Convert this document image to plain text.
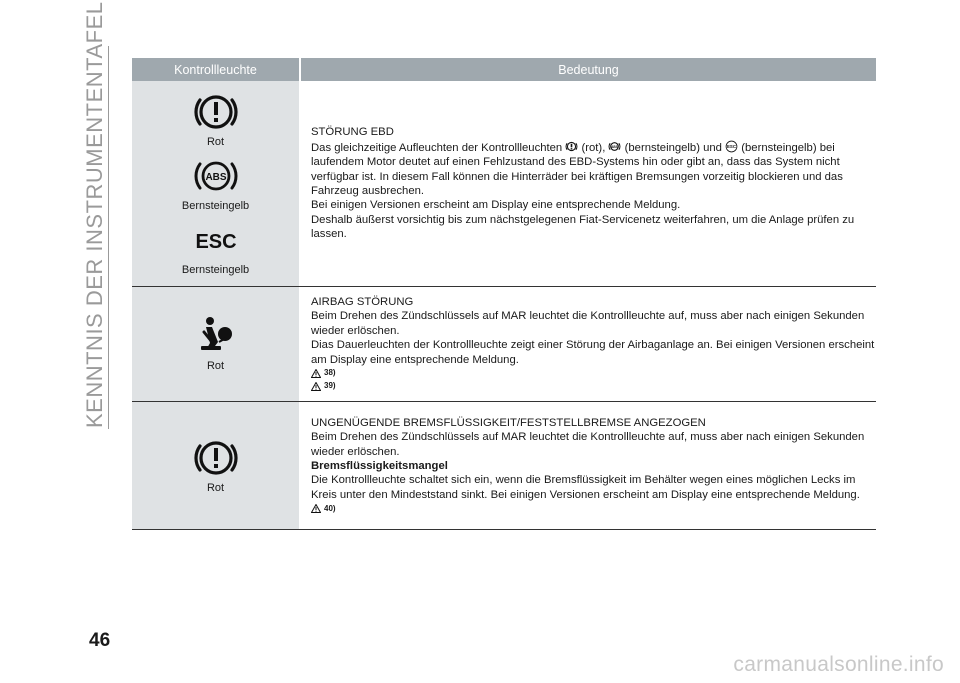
KENNTNIS DER INSTRUMENTENTAFEL	Kontrollleuchte	Bedeutung
Rot
ABS
Bernsteingelb
ESC
Bernsteingelb

STÖRUNG EBD

Das gleichzeitige Aufleuchten der Kontrollleuchten (rot), ABS (bernsteingelb) und ESC (bernsteingelb) bei laufendem Motor deutet auf einen Fehlzustand des EBD-Systems hin oder gibt an, dass das System nicht verfügbar ist. In diesem Fall können die Hinterräder bei kräftigen Bremsungen vorzeitig blockieren und das Fahrzeug ausbrechen.

Bei einigen Versionen erscheint am Display eine entsprechende Meldung.

Deshalb äußerst vorsichtig bis zum nächstgelegenen Fiat-Servicenetz weiterfahren, um die Anlage prüfen zu lassen.

Rot

AIRBAG STÖRUNG

Beim Drehen des Zündschlüssels auf MAR leuchtet die Kontrollleuchte auf, muss aber nach einigen Sekunden wieder erlöschen.

Dias Dauerleuchten der Kontrollleuchte zeigt einer Störung der Airbaganlage an. Bei einigen Versionen erscheint am Display eine entsprechende Meldung.

38)
39)
Rot

UNGENÜGENDE BREMSFLÜSSIGKEIT/FESTSTELLBREMSE ANGEZOGEN

Beim Drehen des Zündschlüssels auf MAR leuchtet die Kontrollleuchte auf, muss aber nach einigen Sekunden wieder erlöschen.

Bremsflüssigkeitsmangel

Die Kontrollleuchte schaltet sich ein, wenn die Bremsflüssigkeit im Behälter wegen eines möglichen Lecks im Kreis unter den Mindeststand sinkt. Bei einigen Versionen erscheint am Display eine entsprechende Meldung.

40)
46
carmanualsonline.info
